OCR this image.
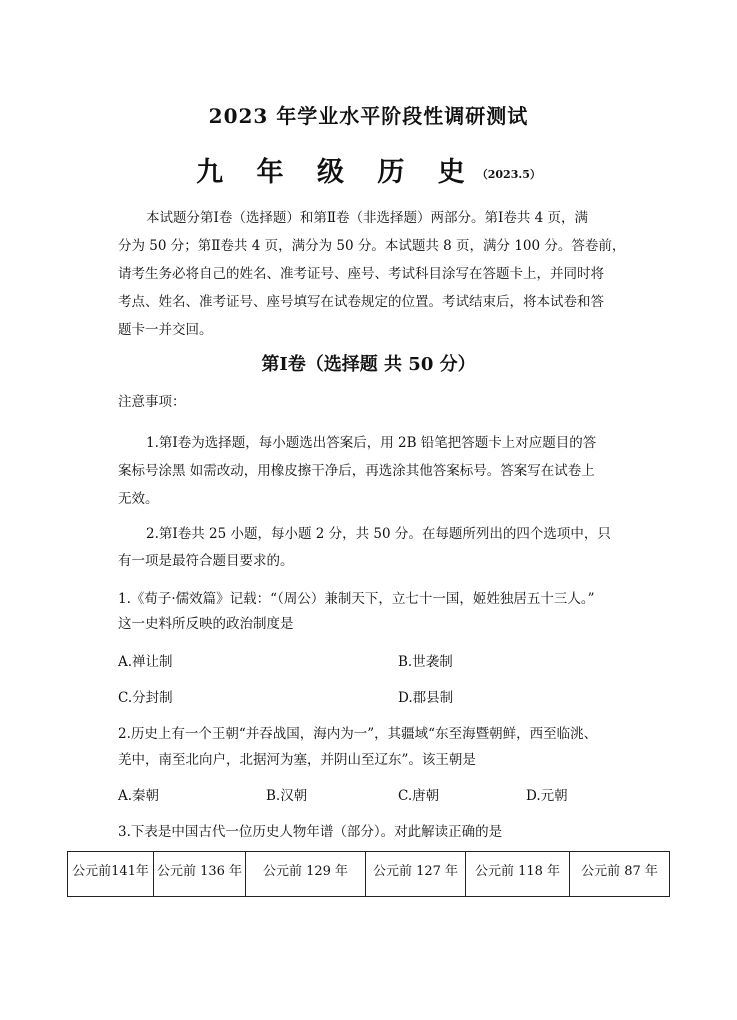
2023 年学业水平阶段性调研测试
九 年 级 历 史（2023.5）
本试题分第Ⅰ卷（选择题）和第Ⅱ卷（非选择题）两部分。第Ⅰ卷共 4 页，满
分为 50 分；第Ⅱ卷共 4 页，满分为 50 分。本试题共 8 页，满分 100 分。答卷前，
请考生务必将自己的姓名、准考证号、座号、考试科目涂写在答题卡上，并同时将
考点、姓名、准考证号、座号填写在试卷规定的位置。考试结束后，将本试卷和答
题卡一并交回。
第Ⅰ卷（选择题 共 50 分）
注意事项：
1.第Ⅰ卷为选择题，每小题选出答案后，用 2B 铅笔把答题卡上对应题目的答
案标号涂黑 如需改动，用橡皮擦干净后，再选涂其他答案标号。答案写在试卷上
无效。
2.第Ⅰ卷共 25 小题，每小题 2 分，共 50 分。在每题所列出的四个选项中，只
有一项是最符合题目要求的。
1.《荀子·儒效篇》记载：“（周公）兼制天下，立七十一国，姬姓独居五十三人。”
这一史料所反映的政治制度是
A.禅让制	B.世袭制
C.分封制	D.郡县制
2.历史上有一个王朝“并吞战国，海内为一”，其疆域“东至海暨朝鲜，西至临洮、
羌中，南至北向户，北据河为塞，并阴山至辽东”。该王朝是
A.秦朝	B.汉朝	C.唐朝	D.元朝
3.下表是中国古代一位历史人物年谱（部分）。对此解读正确的是
公元前141年	公元前 136 年	公元前 129 年	公元前 127 年	公元前 118 年	公元前 87 年
